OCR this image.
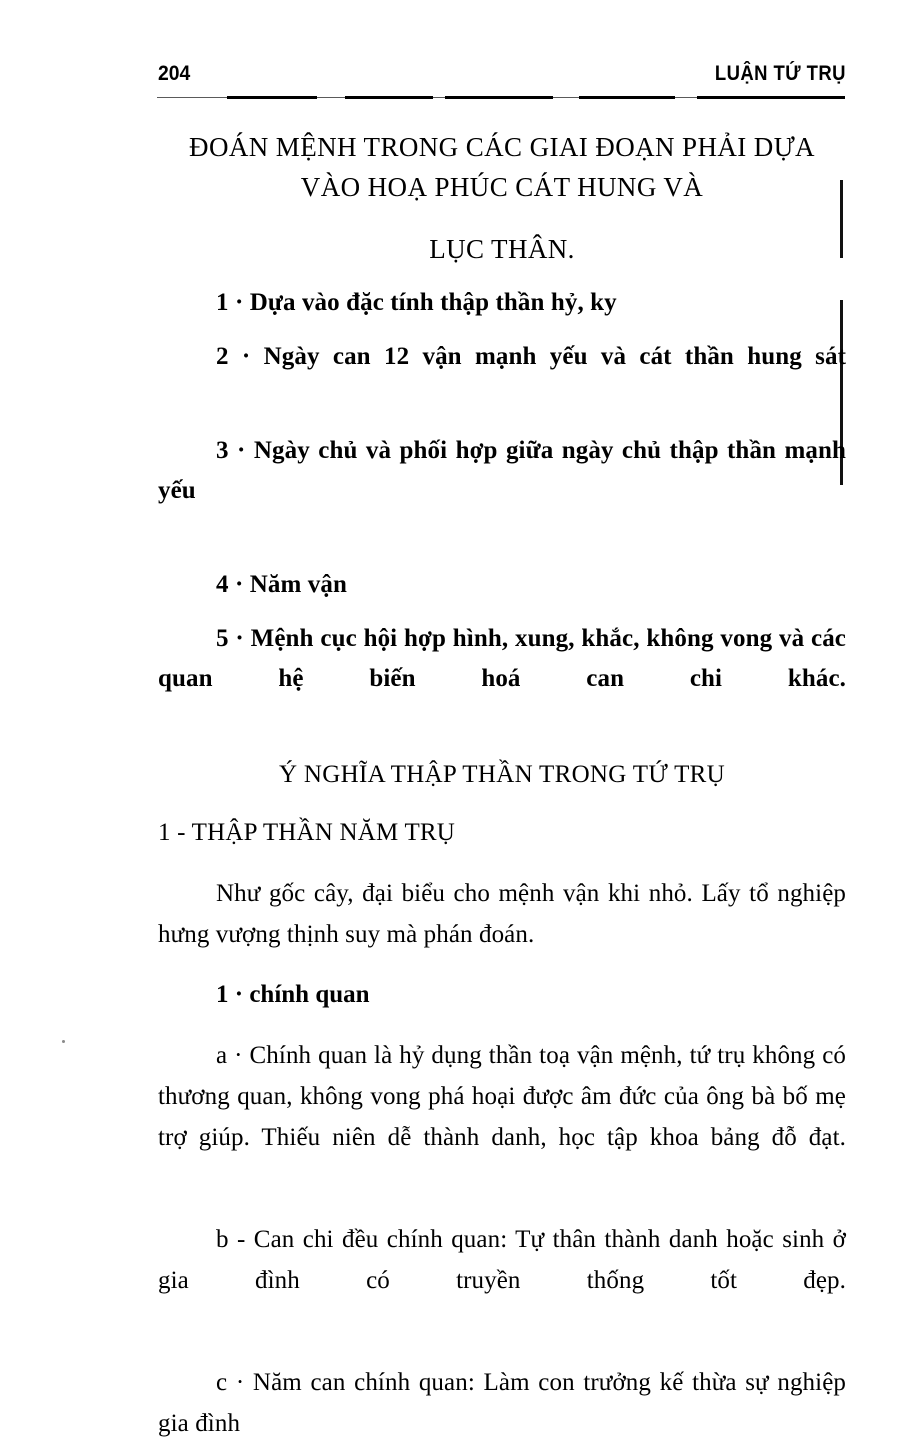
204	LUẬN TỨ TRỤ
ĐOÁN MỆNH TRONG CÁC GIAI ĐOẠN PHẢI DỰA
VÀO HOẠ PHÚC CÁT HUNG VÀ
LỤC THÂN.
1 · Dựa vào đặc tính thập thần hỷ, ky
2 · Ngày can 12 vận mạnh yếu và cát thần hung sát
3 · Ngày chủ và phối hợp giữa ngày chủ thập thần mạnh yếu
4 · Năm vận
5 · Mệnh cục hội hợp hình, xung, khắc, không vong và các quan hệ biến hoá can chi khác.
Ý NGHĨA THẬP THẦN TRONG TỨ TRỤ
1 - THẬP THẦN NĂM TRỤ
Như gốc cây, đại biểu cho mệnh vận khi nhỏ. Lấy tổ nghiệp hưng vượng thịnh suy mà phán đoán.
1 · chính quan
a · Chính quan là hỷ dụng thần toạ vận mệnh, tứ trụ không có thương quan, không vong phá hoại được âm đức của ông bà bố mẹ trợ giúp. Thiếu niên dễ thành danh, học tập khoa bảng đỗ đạt.
b - Can chi đều chính quan: Tự thân thành danh hoặc sinh ở gia đình có truyền thống tốt đẹp.
c · Năm can chính quan: Làm con trưởng kế thừa sự nghiệp gia đình
